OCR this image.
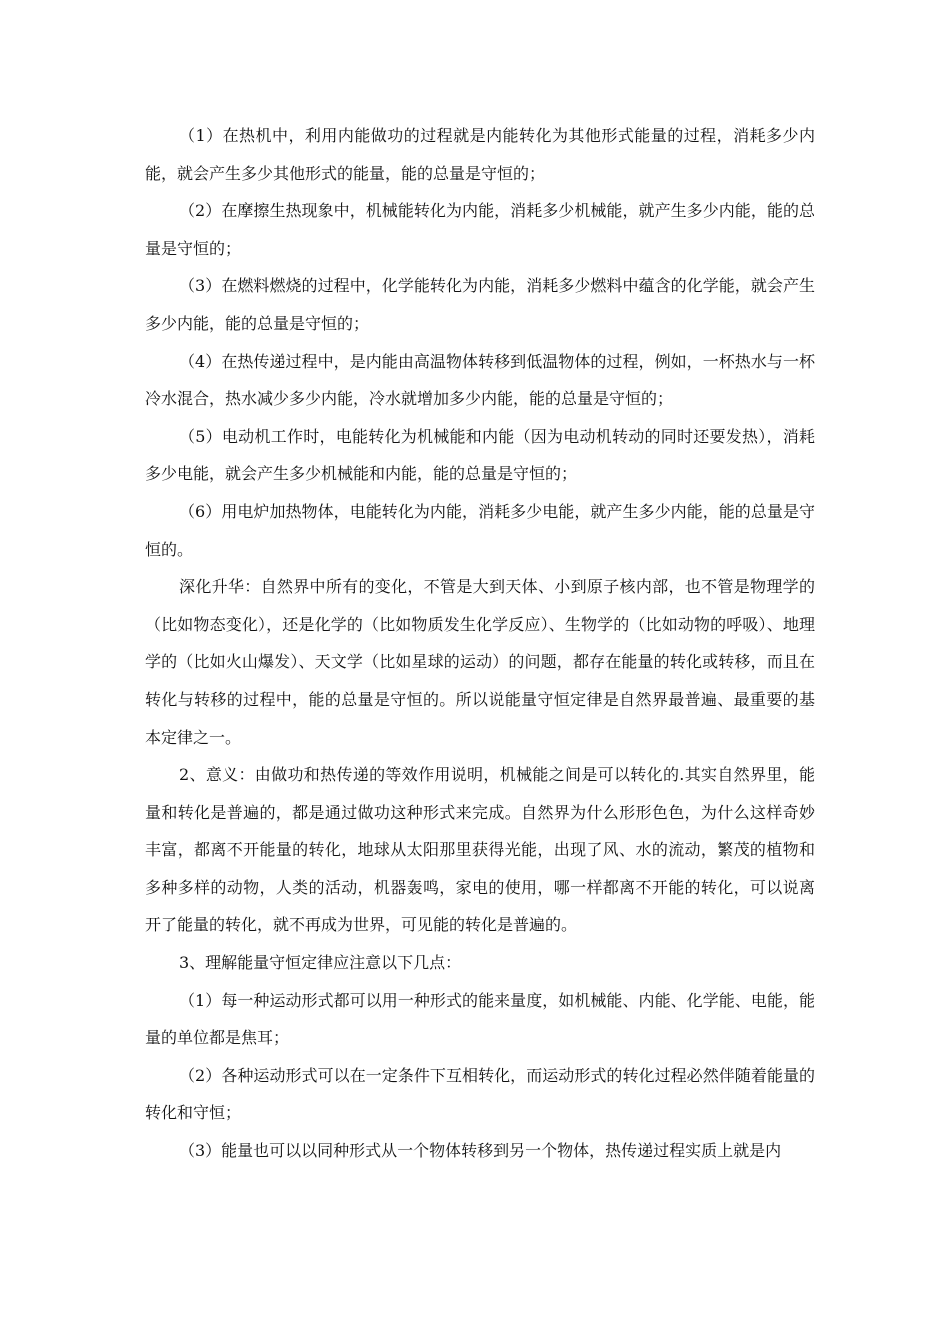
（1）在热机中，利用内能做功的过程就是内能转化为其他形式能量的过程，消耗多少内能，就会产生多少其他形式的能量，能的总量是守恒的；

（2）在摩擦生热现象中，机械能转化为内能，消耗多少机械能，就产生多少内能，能的总量是守恒的；

（3）在燃料燃烧的过程中，化学能转化为内能，消耗多少燃料中蕴含的化学能，就会产生多少内能，能的总量是守恒的；

（4）在热传递过程中，是内能由高温物体转移到低温物体的过程，例如，一杯热水与一杯冷水混合，热水减少多少内能，冷水就增加多少内能，能的总量是守恒的；

（5）电动机工作时，电能转化为机械能和内能（因为电动机转动的同时还要发热），消耗多少电能，就会产生多少机械能和内能，能的总量是守恒的；

（6）用电炉加热物体，电能转化为内能，消耗多少电能，就产生多少内能，能的总量是守恒的。

深化升华：自然界中所有的变化，不管是大到天体、小到原子核内部，也不管是物理学的（比如物态变化），还是化学的（比如物质发生化学反应）、生物学的（比如动物的呼吸）、地理学的（比如火山爆发）、天文学（比如星球的运动）的问题，都存在能量的转化或转移，而且在转化与转移的过程中，能的总量是守恒的。所以说能量守恒定律是自然界最普遍、最重要的基本定律之一。

2、意义：由做功和热传递的等效作用说明，机械能之间是可以转化的.其实自然界里，能量和转化是普遍的，都是通过做功这种形式来完成。自然界为什么形形色色，为什么这样奇妙丰富，都离不开能量的转化，地球从太阳那里获得光能，出现了风、水的流动，繁茂的植物和多种多样的动物，人类的活动，机器轰鸣，家电的使用，哪一样都离不开能的转化，可以说离开了能量的转化，就不再成为世界，可见能的转化是普遍的。

3、理解能量守恒定律应注意以下几点：

（1）每一种运动形式都可以用一种形式的能来量度，如机械能、内能、化学能、电能，能量的单位都是焦耳；

（2）各种运动形式可以在一定条件下互相转化，而运动形式的转化过程必然伴随着能量的转化和守恒；

（3）能量也可以以同种形式从一个物体转移到另一个物体，热传递过程实质上就是内
